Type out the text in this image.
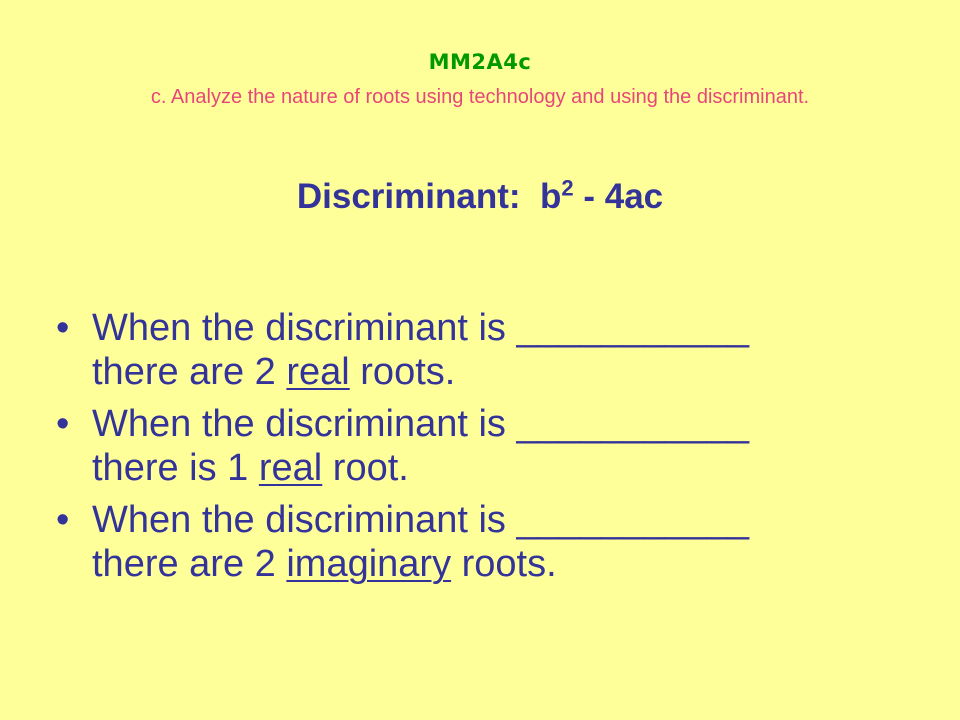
MM2A4c
c. Analyze the nature of roots using technology and using the discriminant.
Discriminant: $b^2 - 4ac$
• When the discriminant is ___________
there are 2 real roots.
• When the discriminant is ___________
there is 1 real root.
• When the discriminant is ___________
there are 2 imaginary roots.
